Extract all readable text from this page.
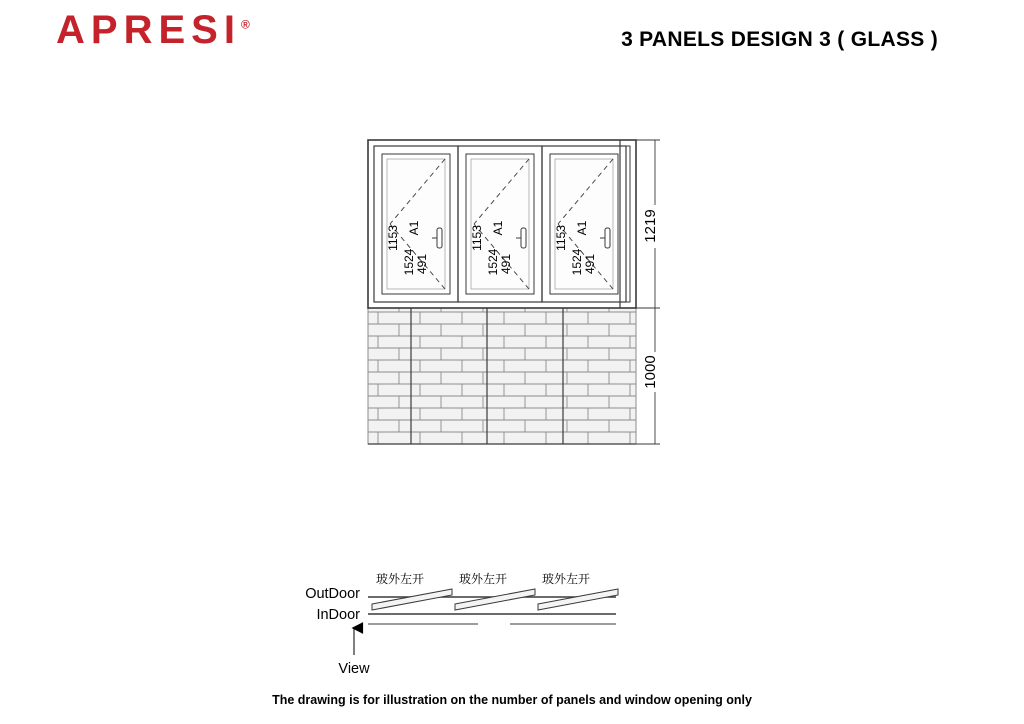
APRESI®
3 PANELS DESIGN 3 ( GLASS )
1153 A1
1524 491
1153 A1
1524 491
1153 A1
1524 491
1219
1000
OutDoor
InDoor
玻外左开	玻外左开	玻外左开
View
The drawing is for illustration on the number of panels and window opening only
